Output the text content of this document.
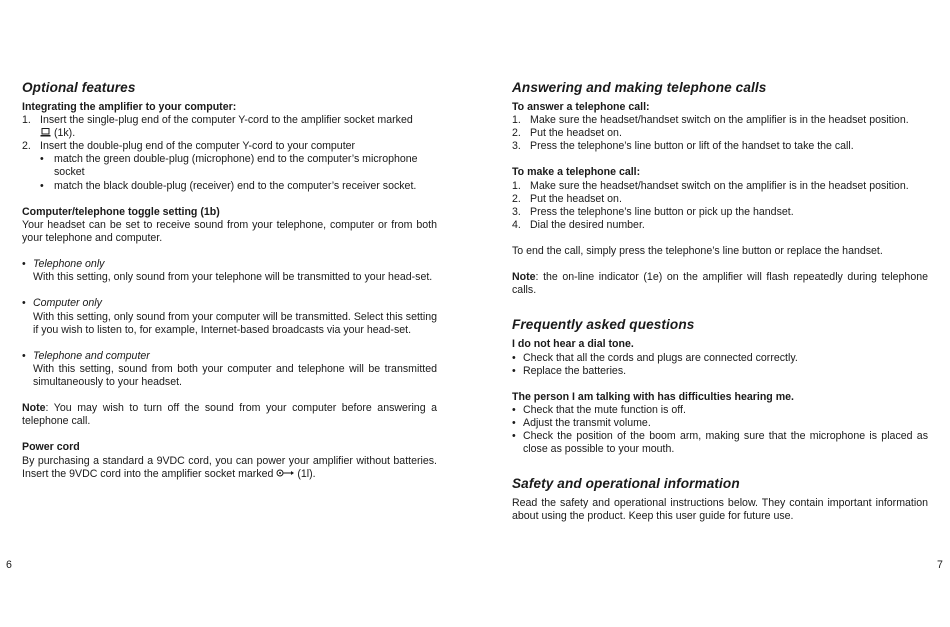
Optional features
Integrating the amplifier to your computer:
1. Insert the single-plug end of the computer Y-cord to the amplifier socket marked
(1k).
2. Insert the double-plug end of the computer Y-cord to your computer
• match the green double-plug (microphone) end to the computer’s microphone socket
• match the black double-plug (receiver) end to the computer’s receiver socket.
Computer/telephone toggle setting (1b)

Your headset can be set to receive sound from your telephone, computer or from both your telephone and computer.

• Telephone only

With this setting, only sound from your telephone will be transmitted to your head-set.

• Computer only

With this setting, only sound from your computer will be transmitted. Select this setting if you wish to listen to, for example, Internet-based broadcasts via your head-set.

• Telephone and computer

With this setting, sound from both your computer and telephone will be transmitted simultaneously to your headset.

Note: You may wish to turn off the sound from your computer before answering a telephone call.

Power cord

By purchasing a standard a 9VDC cord, you can power your amplifier without batteries. Insert the 9VDC cord into the amplifier socket marked  (1l).

6
Answering and making telephone calls
To answer a telephone call:
1. Make sure the headset/handset switch on the amplifier is in the headset position.
2. Put the headset on.
3. Press the telephone’s line button or lift of the handset to take the call.
To make a telephone call:
1. Make sure the headset/handset switch on the amplifier is in the headset position.
2. Put the headset on.
3. Press the telephone’s line button or pick up the handset.
4. Dial the desired number.

To end the call, simply press the telephone’s line button or replace the handset.

Note: the on-line indicator (1e) on the amplifier will flash repeatedly during telephone calls.

Frequently asked questions
I do not hear a dial tone.
• Check that all the cords and plugs are connected correctly.
• Replace the batteries.
The person I am talking with has difficulties hearing me.
• Check that the mute function is off.
• Adjust the transmit volume.
• Check the position of the boom arm, making sure that the microphone is placed as close as possible to your mouth.
Safety and operational information

Read the safety and operational instructions below. They contain important information about using the product. Keep this user guide for future use.

7
